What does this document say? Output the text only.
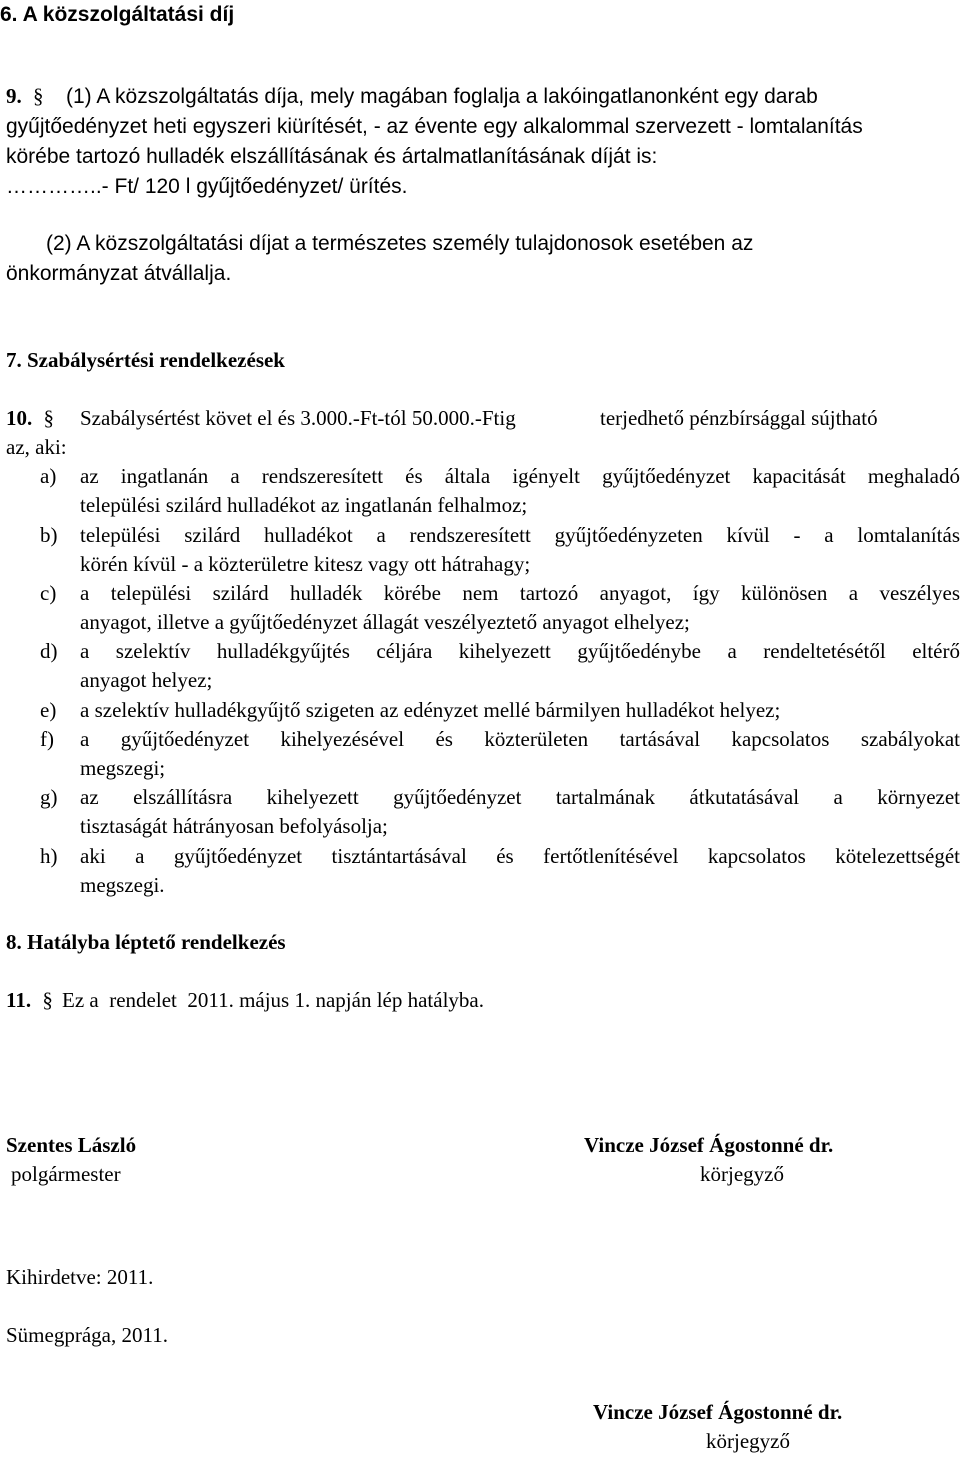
6. A közszolgáltatási díj
9. § (1) A közszolgáltatás díja, mely magában foglalja a lakóingatlanonként egy darab
gyűjtőedényzet heti egyszeri kiürítését, - az évente egy alkalommal szervezett - lomtalanítás
körébe tartozó hulladék elszállításának és ártalmatlanításának díját is:
…………..- Ft/ 120 l gyűjtőedényzet/ ürítés.
(2) A közszolgáltatási díjat a természetes személy tulajdonosok esetében az
önkormányzat átvállalja.
7. Szabálysértési rendelkezések
10. § Szabálysértést követ el és 3.000.-Ft-tól 50.000.-Ftig	terjedhető pénzbírsággal sújtható
az, aki:
a) az ingatlanán a rendszeresített és általa igényelt gyűjtőedényzet kapacitását meghaladó
települési szilárd hulladékot az ingatlanán felhalmoz;
b) települési szilárd hulladékot a rendszeresített gyűjtőedényzeten kívül - a lomtalanítás
körén kívül - a közterületre kitesz vagy ott hátrahagy;
c) a települési szilárd hulladék körébe nem tartozó anyagot, így különösen a veszélyes
anyagot, illetve a gyűjtőedényzet állagát veszélyeztető anyagot elhelyez;
d) a szelektív hulladékgyűjtés céljára kihelyezett gyűjtőedénybe a rendeltetésétől eltérő
anyagot helyez;
e) a szelektív hulladékgyűjtő szigeten az edényzet mellé bármilyen hulladékot helyez;
f) a gyűjtőedényzet kihelyezésével és közterületen tartásával kapcsolatos szabályokat
megszegi;
g) az elszállításra kihelyezett gyűjtőedényzet tartalmának átkutatásával a környezet
tisztaságát hátrányosan befolyásolja;
h) aki a gyűjtőedényzet tisztántartásával és fertőtlenítésével kapcsolatos kötelezettségét
megszegi.
8. Hatályba léptető rendelkezés
11. § Ez a  rendelet  2011. május 1. napján lép hatályba.
Szentes László
polgármester
Vincze József Ágostonné dr.
körjegyző
Kihirdetve: 2011.
Sümegprága, 2011.
Vincze József Ágostonné dr.
körjegyző
